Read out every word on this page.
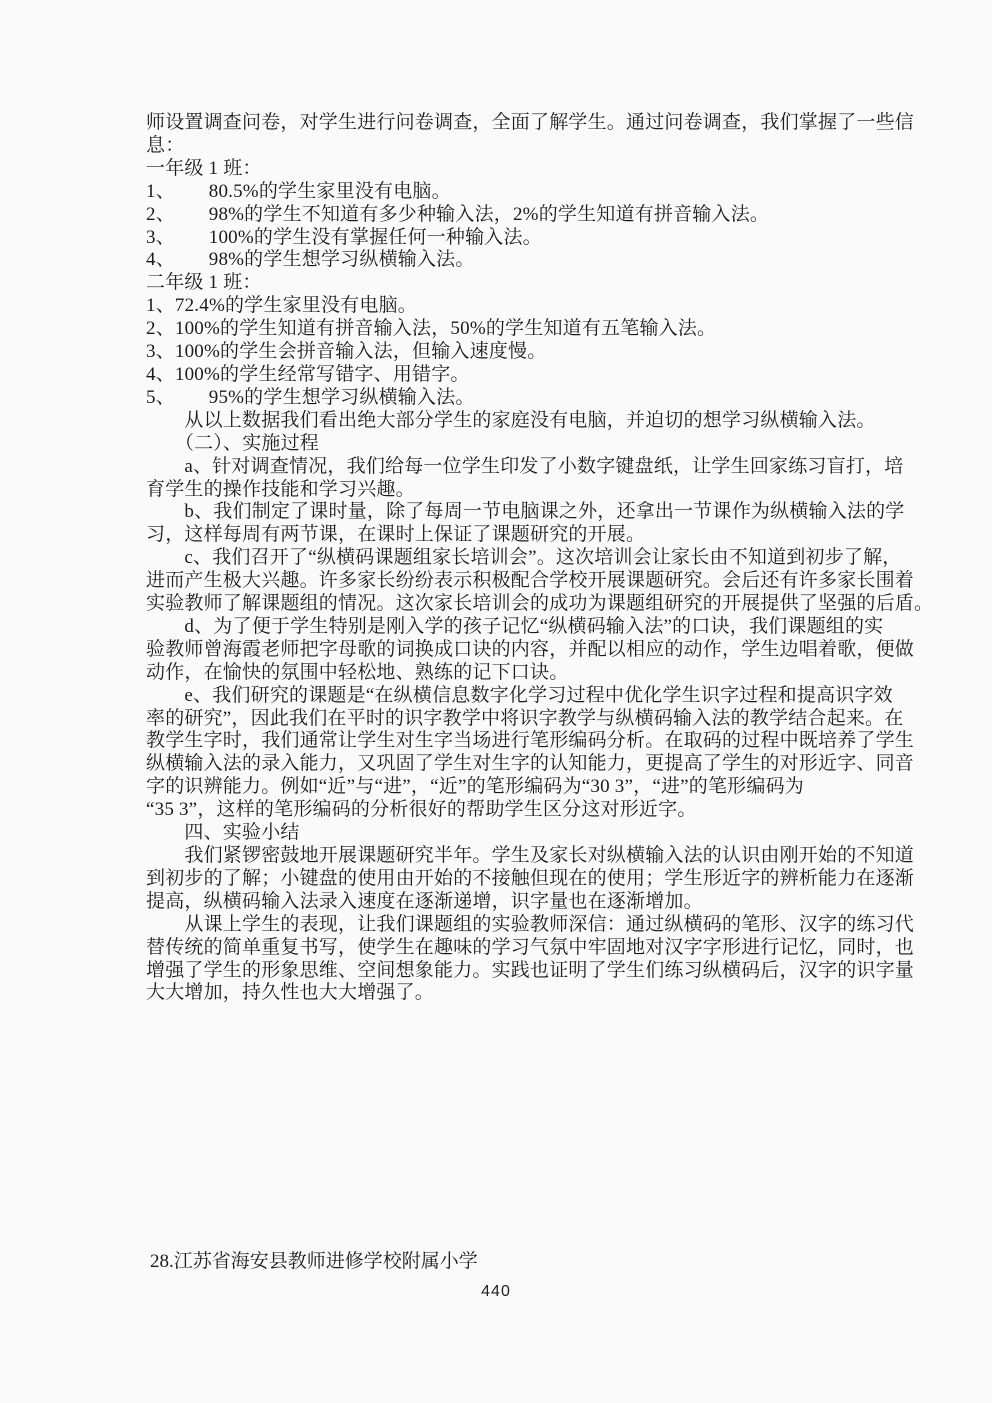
师设置调查问卷，对学生进行问卷调查，全面了解学生。通过问卷调查，我们掌握了一些信
息：
一年级 1 班：
1、　　 80.5%的学生家里没有电脑。
2、　　 98%的学生不知道有多少种输入法，2%的学生知道有拼音输入法。
3、　　 100%的学生没有掌握任何一种输入法。
4、　　 98%的学生想学习纵横输入法。
二年级 1 班：
1、72.4%的学生家里没有电脑。
2、100%的学生知道有拼音输入法，50%的学生知道有五笔输入法。
3、100%的学生会拼音输入法，但输入速度慢。
4、100%的学生经常写错字、用错字。
5、　　 95%的学生想学习纵横输入法。
　　从以上数据我们看出绝大部分学生的家庭没有电脑，并迫切的想学习纵横输入法。
　　（二）、实施过程
　　a、针对调查情况，我们给每一位学生印发了小数字键盘纸，让学生回家练习盲打，培
育学生的操作技能和学习兴趣。
　　b、我们制定了课时量，除了每周一节电脑课之外，还拿出一节课作为纵横输入法的学
习，这样每周有两节课，在课时上保证了课题研究的开展。
　　c、我们召开了“纵横码课题组家长培训会”。这次培训会让家长由不知道到初步了解，
进而产生极大兴趣。许多家长纷纷表示积极配合学校开展课题研究。会后还有许多家长围着
实验教师了解课题组的情况。这次家长培训会的成功为课题组研究的开展提供了坚强的后盾。
　　d、为了便于学生特别是刚入学的孩子记忆“纵横码输入法”的口诀，我们课题组的实
验教师曾海霞老师把字母歌的词换成口诀的内容，并配以相应的动作，学生边唱着歌，便做
动作，在愉快的氛围中轻松地、熟练的记下口诀。
　　e、我们研究的课题是“在纵横信息数字化学习过程中优化学生识字过程和提高识字效
率的研究”，因此我们在平时的识字教学中将识字教学与纵横码输入法的教学结合起来。在
教学生字时，我们通常让学生对生字当场进行笔形编码分析。在取码的过程中既培养了学生
纵横输入法的录入能力，又巩固了学生对生字的认知能力，更提高了学生的对形近字、同音
字的识辨能力。例如“近”与“进”，“近”的笔形编码为“30 3”，“进”的笔形编码为
“35 3”，这样的笔形编码的分析很好的帮助学生区分这对形近字。
　　四、实验小结
　　我们紧锣密鼓地开展课题研究半年。学生及家长对纵横输入法的认识由刚开始的不知道
到初步的了解；小键盘的使用由开始的不接触但现在的使用；学生形近字的辨析能力在逐渐
提高，纵横码输入法录入速度在逐渐递增，识字量也在逐渐增加。
　　从课上学生的表现，让我们课题组的实验教师深信：通过纵横码的笔形、汉字的练习代
替传统的简单重复书写，使学生在趣味的学习气氛中牢固地对汉字字形进行记忆，同时，也
增强了学生的形象思维、空间想象能力。实践也证明了学生们练习纵横码后，汉字的识字量
大大增加，持久性也大大增强了。
28.江苏省海安县教师进修学校附属小学
440
